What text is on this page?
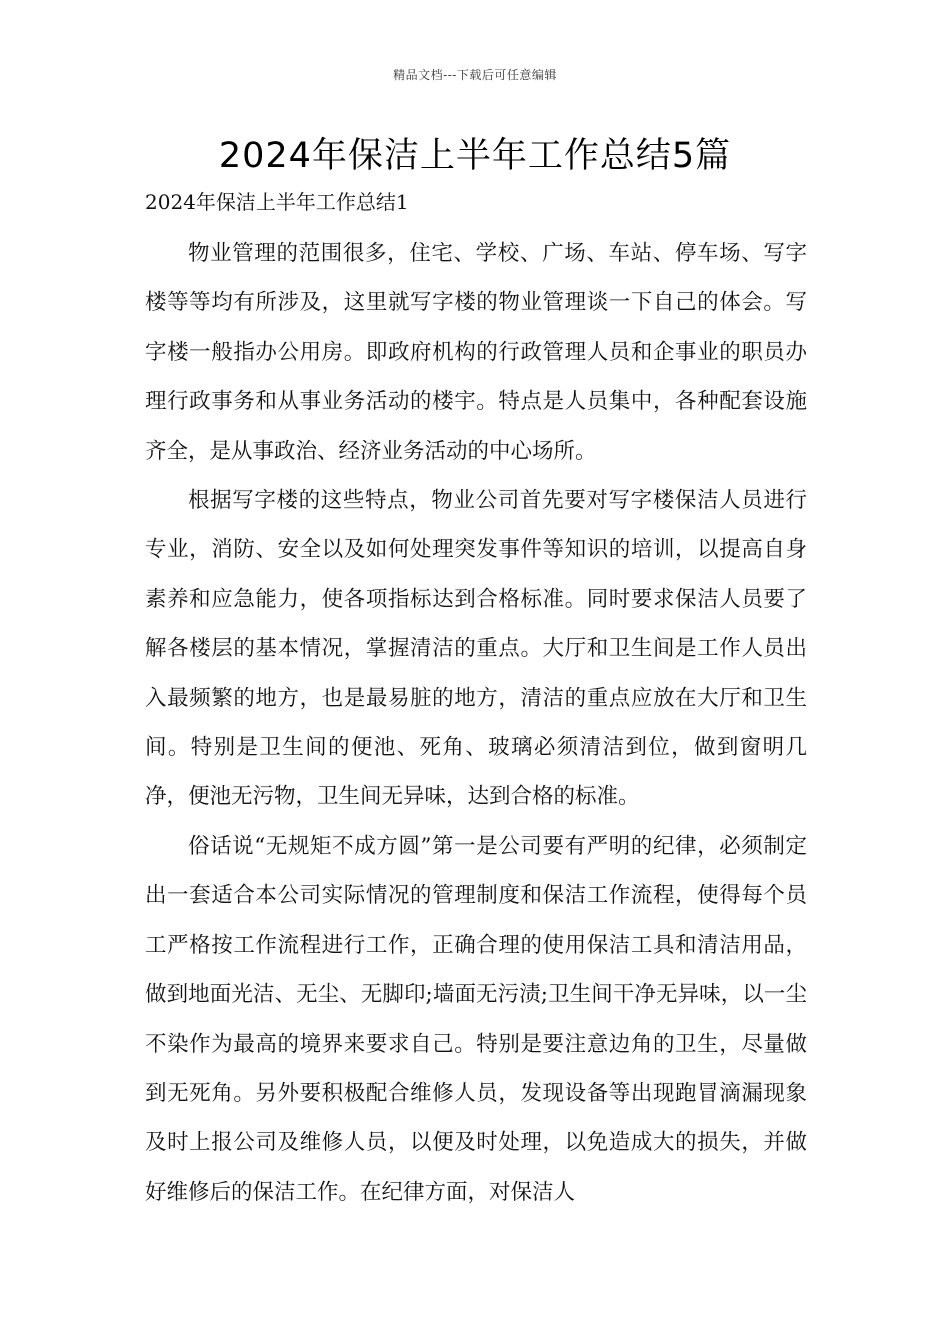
精品文档---下载后可任意编辑
2024年保洁上半年工作总结5篇

2024年保洁上半年工作总结1

物业管理的范围很多，住宅、学校、广场、车站、停车场、写字楼等等均有所涉及，这里就写字楼的物业管理谈一下自己的体会。写字楼一般指办公用房。即政府机构的行政管理人员和企事业的职员办理行政事务和从事业务活动的楼宇。特点是人员集中，各种配套设施齐全，是从事政治、经济业务活动的中心场所。

根据写字楼的这些特点，物业公司首先要对写字楼保洁人员进行专业，消防、安全以及如何处理突发事件等知识的培训，以提高自身素养和应急能力，使各项指标达到合格标准。同时要求保洁人员要了解各楼层的基本情况，掌握清洁的重点。大厅和卫生间是工作人员出入最频繁的地方，也是最易脏的地方，清洁的重点应放在大厅和卫生间。特别是卫生间的便池、死角、玻璃必须清洁到位，做到窗明几净，便池无污物，卫生间无异味，达到合格的标准。

俗话说“无规矩不成方圆”第一是公司要有严明的纪律，必须制定出一套适合本公司实际情况的管理制度和保洁工作流程，使得每个员工严格按工作流程进行工作，正确合理的使用保洁工具和清洁用品，做到地面光洁、无尘、无脚印;墙面无污渍;卫生间干净无异味，以一尘不染作为最高的境界来要求自己。特别是要注意边角的卫生，尽量做到无死角。另外要积极配合维修人员，发现设备等出现跑冒滴漏现象及时上报公司及维修人员，以便及时处理，以免造成大的损失，并做好维修后的保洁工作。在纪律方面，对保洁人
